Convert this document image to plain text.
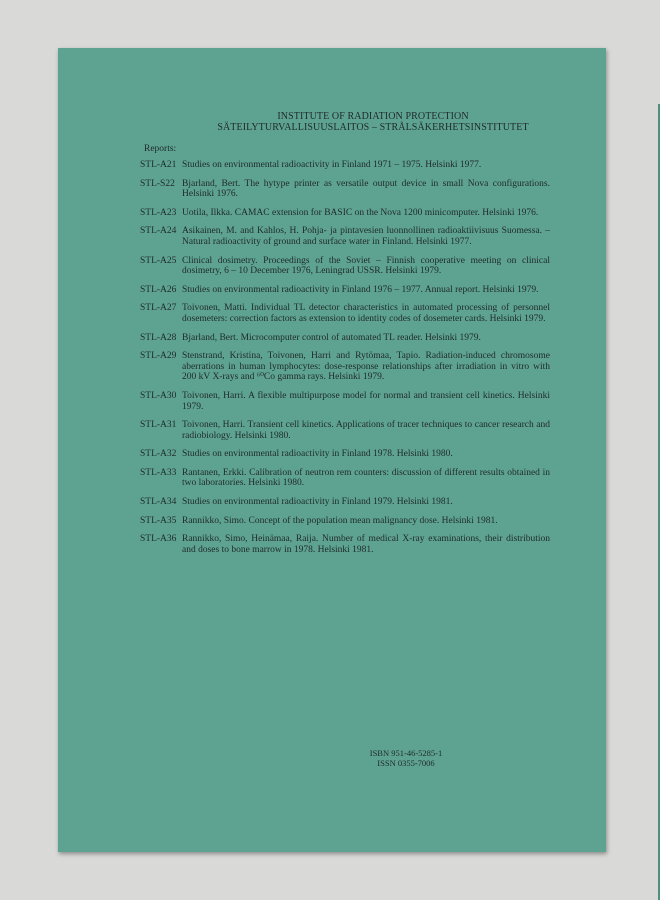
INSTITUTE OF RADIATION PROTECTION
SÄTEILYTURVALLISUUSLAITOS – STRÅLSÄKERHETSINSTITUTET
Reports:
STL-A21 Studies on environmental radioactivity in Finland 1971 – 1975. Helsinki 1977.
STL-S22 Bjarland, Bert. The hytype printer as versatile output device in small Nova configurations. Helsinki 1976.
STL-A23 Uotila, Ilkka. CAMAC extension for BASIC on the Nova 1200 minicomputer. Helsinki 1976.
STL-A24 Asikainen, M. and Kahlos, H. Pohja- ja pintavesien luonnollinen radioaktiivisuus Suomessa. – Natural radioactivity of ground and surface water in Finland. Helsinki 1977.
STL-A25 Clinical dosimetry. Proceedings of the Soviet – Finnish cooperative meeting on clinical dosimetry, 6 – 10 December 1976, Leningrad USSR. Helsinki 1979.
STL-A26 Studies on environmental radioactivity in Finland 1976 – 1977. Annual report. Helsinki 1979.
STL-A27 Toivonen, Matti. Individual TL detector characteristics in automated processing of personnel dosemeters: correction factors as extension to identity codes of dosemeter cards. Helsinki 1979.
STL-A28 Bjarland, Bert. Microcomputer control of automated TL reader. Helsinki 1979.
STL-A29 Stenstrand, Kristina, Toivonen, Harri and Rytömaa, Tapio. Radiation-induced chromosome aberrations in human lymphocytes: dose-response relationships after irradiation in vitro with 200 kV X-rays and ⁶⁰Co gamma rays. Helsinki 1979.
STL-A30 Toivonen, Harri. A flexible multipurpose model for normal and transient cell kinetics. Helsinki 1979.
STL-A31 Toivonen, Harri. Transient cell kinetics. Applications of tracer techniques to cancer research and radiobiology. Helsinki 1980.
STL-A32 Studies on environmental radioactivity in Finland 1978. Helsinki 1980.
STL-A33 Rantanen, Erkki. Calibration of neutron rem counters: discussion of different results obtained in two laboratories. Helsinki 1980.
STL-A34 Studies on environmental radioactivity in Finland 1979. Helsinki 1981.
STL-A35 Rannikko, Simo. Concept of the population mean malignancy dose. Helsinki 1981.
STL-A36 Rannikko, Simo, Heinämaa, Raija. Number of medical X-ray examinations, their distribution and doses to bone marrow in 1978. Helsinki 1981.
ISBN 951-46-5285-1
ISSN 0355-7006
